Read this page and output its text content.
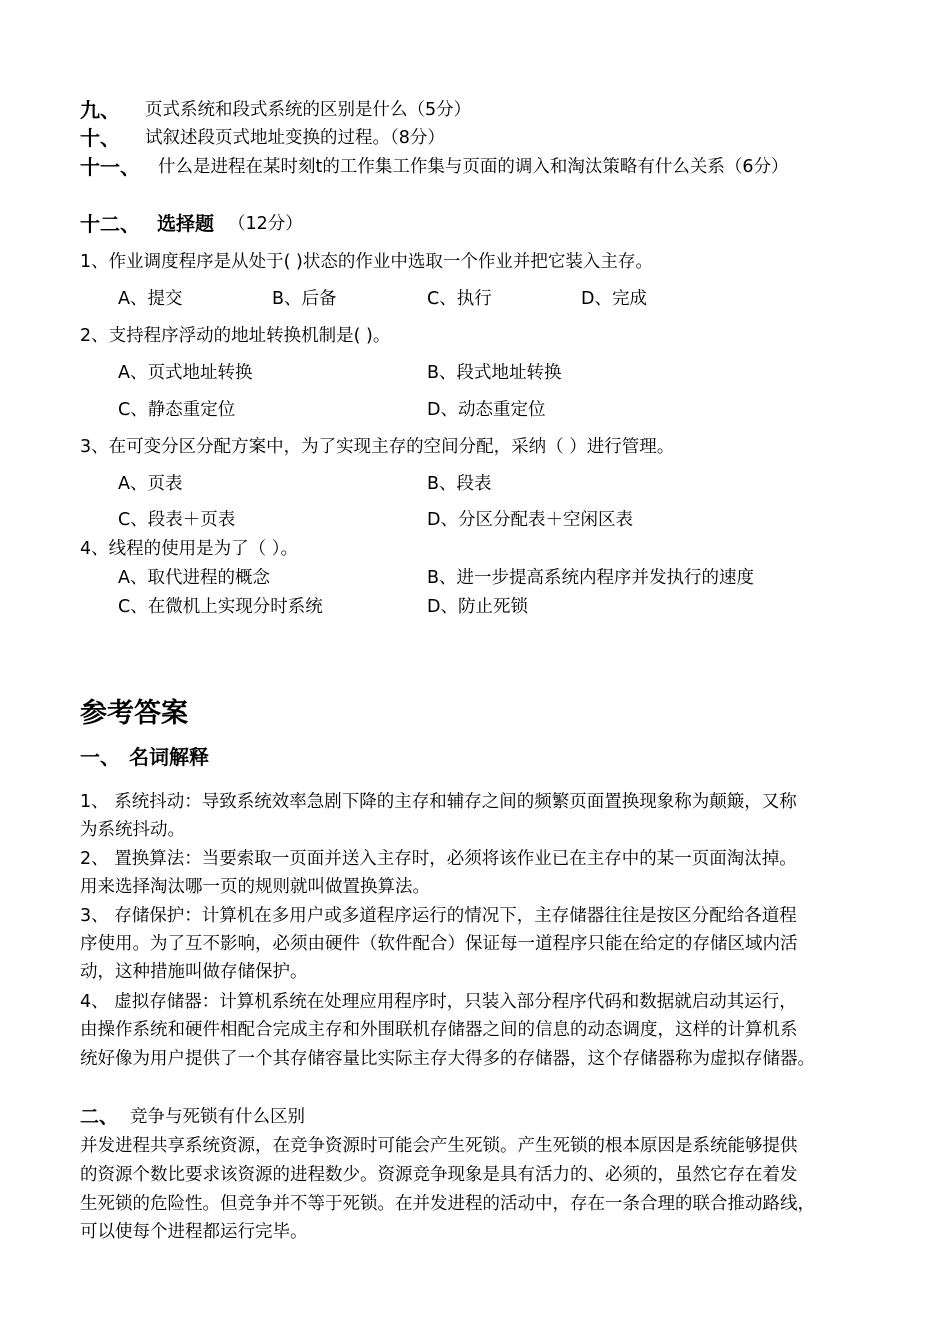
九、 页式系统和段式系统的区别是什么（5分）
十、 试叙述段页式地址变换的过程。（8分）
十一、 什么是进程在某时刻t的工作集工作集与页面的调入和淘汰策略有什么关系（6分）
十二、 选择题 （12分）
1、作业调度程序是从处于( )状态的作业中选取一个作业并把它装入主存。
A、提交	B、后备	C、执行	D、完成
2、支持程序浮动的地址转换机制是( )。
A、页式地址转换	B、段式地址转换
C、静态重定位	D、动态重定位
3、在可变分区分配方案中，为了实现主存的空间分配，采纳（ ）进行管理。
A、页表	B、段表
C、段表＋页表	D、分区分配表＋空闲区表
4、线程的使用是为了（ ）。
A、取代进程的概念	B、进一步提高系统内程序并发执行的速度
C、在微机上实现分时系统	D、防止死锁
参考答案
一、 名词解释
1、 系统抖动：导致系统效率急剧下降的主存和辅存之间的频繁页面置换现象称为颠簸，又称
为系统抖动。
2、 置换算法：当要索取一页面并送入主存时，必须将该作业已在主存中的某一页面淘汰掉。
用来选择淘汰哪一页的规则就叫做置换算法。
3、 存储保护：计算机在多用户或多道程序运行的情况下，主存储器往往是按区分配给各道程
序使用。为了互不影响，必须由硬件（软件配合）保证每一道程序只能在给定的存储区域内活
动，这种措施叫做存储保护。
4、 虚拟存储器：计算机系统在处理应用程序时，只装入部分程序代码和数据就启动其运行，
由操作系统和硬件相配合完成主存和外围联机存储器之间的信息的动态调度，这样的计算机系
统好像为用户提供了一个其存储容量比实际主存大得多的存储器，这个存储器称为虚拟存储器。
二、 竞争与死锁有什么区别
并发进程共享系统资源，在竞争资源时可能会产生死锁。产生死锁的根本原因是系统能够提供
的资源个数比要求该资源的进程数少。资源竞争现象是具有活力的、必须的，虽然它存在着发
生死锁的危险性。但竞争并不等于死锁。在并发进程的活动中，存在一条合理的联合推动路线，
可以使每个进程都运行完毕。
